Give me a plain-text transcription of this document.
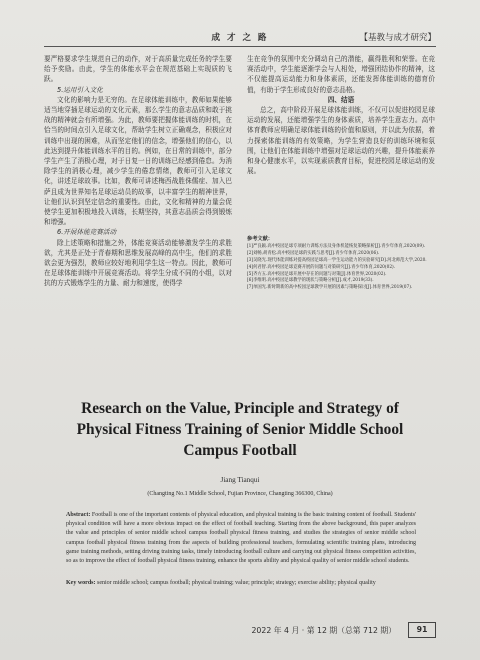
成 才 之 路	【基教与成才研究】

要严格要求学生规范自己的动作，对于高质量完成任务的学生要给予奖励。由此，学生的体能水平会在规范基础上实现质的飞跃。

5.运用引入文化

文化的影响力是无穷的。在足球体能训练中，教师如果能够适当地穿插足球运动的文化元素，那么学生的意志品质和敢于挑战的精神就会有所增强。为此，教师要把握体能训练的时机，在恰当的时间点引入足球文化，帮助学生树立正确观念，积极应对训练中出现的困难，从而坚定他们的信念，增强他们的信心，以此达到提升体能训练水平的目的。例如，在日常的训练中，部分学生产生了消极心理，对于日复一日的训练已经感到倦怠。为消除学生的消极心理，减少学生的倦怠情绪，教师可引入足球文化，讲述足球故事。比如，教师可讲述梅西战胜侏儒症、加入巴萨且成为世界知名足球运动员的故事，以丰富学生的精神世界，让他们认识到坚定信念的重要性。由此，文化和精神的力量会促使学生更加积极地投入训练，长期坚持，其意志品质会得到锻炼和增强。

6.开展体能竞赛活动

除上述策略和措施之外，体能竞赛活动能够激发学生的求胜欲，尤其是正处于青春期和思维发展高峰的高中生，他们的求胜欲会更为强烈，教师应较好地利用学生这一特点。因此，教师可在足球体能训练中开展竞赛活动。将学生分成不同的小组，以对抗的方式锻炼学生的力量、耐力和速度，使得学

生在竞争的氛围中充分调动自己的潜能，赢得胜利和荣誉。在竞赛活动中，学生能逐渐学会与人相处，增强团结协作的精神，这不仅能提高运动能力和身体素质，还能发挥体能训练的德育价值，有助于学生形成良好的意志品格。

四、结语

总之，高中阶段开展足球体能训练，不仅可以促进校园足球运动的发展，还能增强学生的身体素质，培养学生意志力。高中体育教师应明确足球体能训练的价值和原则，并以此为依据，着力探索体能训练的有效策略，为学生营造良好的训练环境和氛围，让他们在体能训练中增强对足球运动的兴趣，提升体能素养和身心健康水平，以实现素质教育目标，促进校园足球运动的发展。

参考文献：

[1]严良颖.高中校园足球专项耐力训练方法及身体机能恢复策略探析[J].青少年体育,2020(09).

[2]刘畅,胡青松.高中校园足球的实践与思考[J].青少年体育,2020(06).

[3]吴晓光.现代体能训练对提高校园足球高一学生运动能力的实验研究[D].河北师范大学,2020.

[4]何君智.高中校园足球竞赛开展的问题与对策研究[J].青少年体育,2020(02).

[5]齐方五.高中校园足球开展中存在的问题与对策[J].体育世界,2020(02).

[6]李维明.高中校园足球教学的现状与策略分析[J].成才,2019(33).

[7]单国光.新时期新的高中校园足球教学开展的因素与策略探讨[J].体育世界,2019(07).

Research on the Value, Principle and Strategy of Physical Fitness Training of Senior Middle School Campus Football
Jiang Tianqui
(Changting No.1 Middle School, Fujian Province, Changting 366300, China)
Abstract: Football is one of the important contents of physical education, and physical training is the basic training content of football. Students' physical condition will have a more obvious impact on the effect of football teaching. Starting from the above background, this paper analyzes the value and principles of senior middle school campus football physical fitness training, and studies the strategies of senior middle school campus football physical fitness training from the aspects of building professional teachers, formulating scientific training plans, introducing game training methods, setting driving training tasks, timely introducing football culture and carrying out physical fitness competition activities, so as to improve the effect of football physical fitness training, enhance the sports ability and physical quality of senior middle school students.
Key words: senior middle school; campus football; physical training; value; principle; strategy; exercise ability; physical quality
2022 年 4 月 · 第 12 期（总第 712 期）	91
